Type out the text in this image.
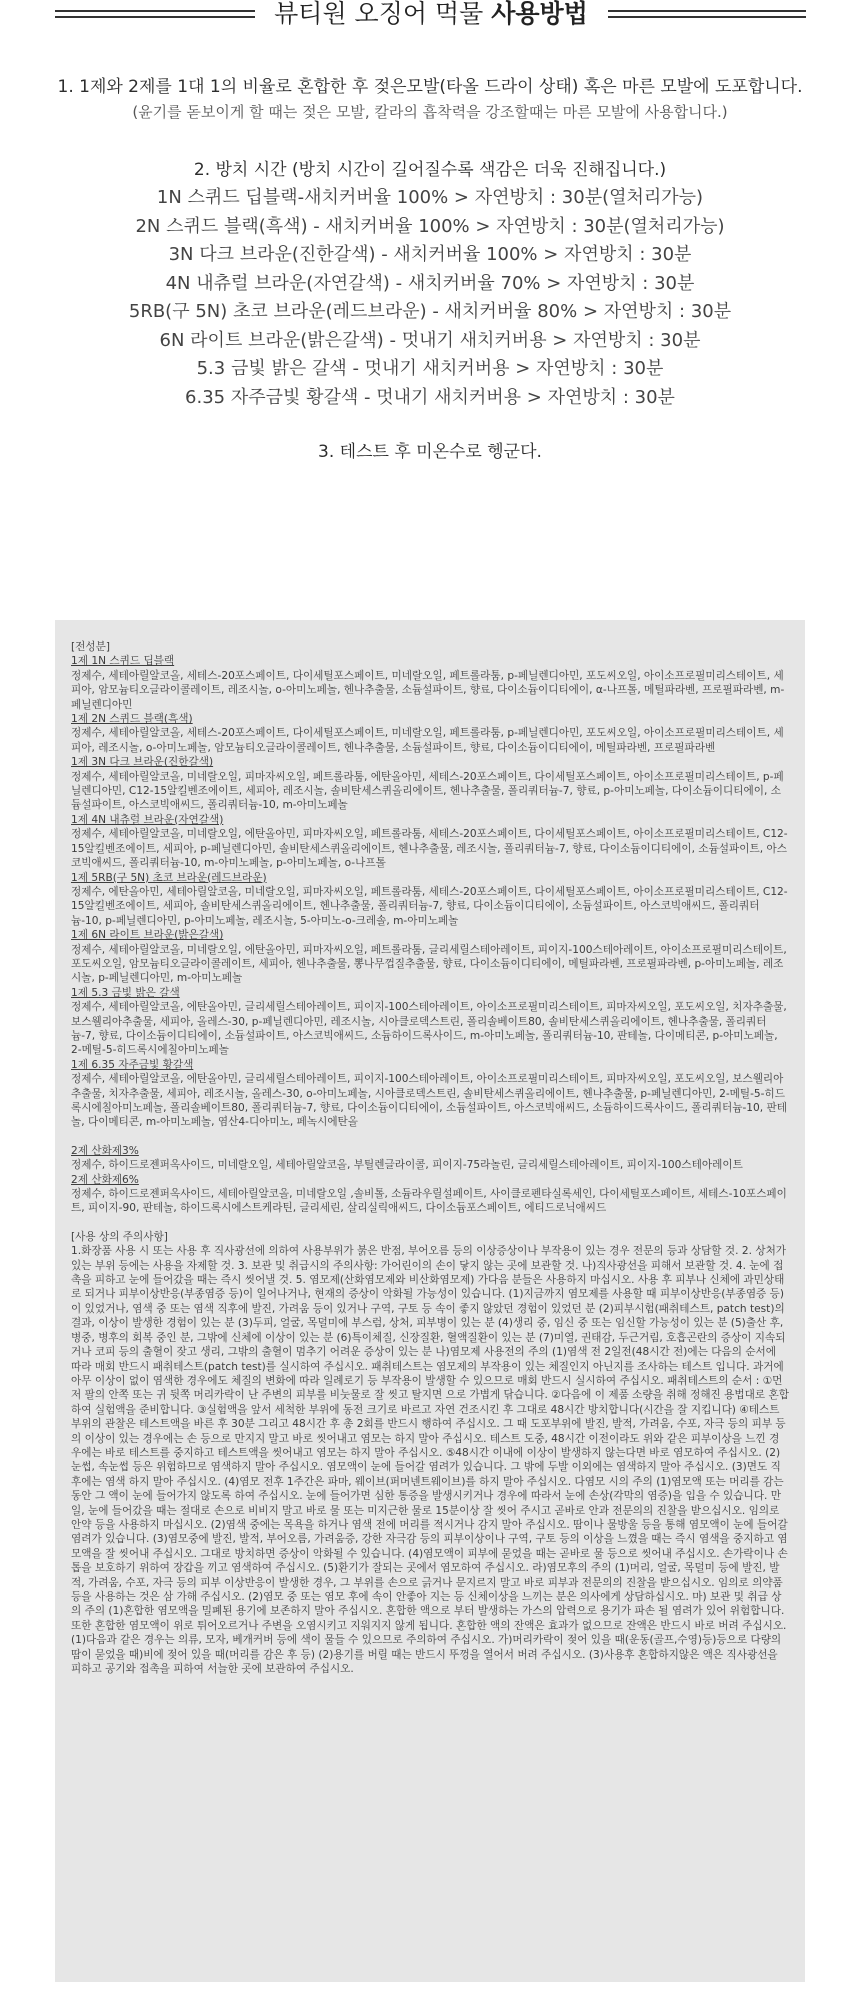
뷰티원 오징어 먹물 사용방법
1. 1제와 2제를 1대 1의 비율로 혼합한 후 젖은모발(타올 드라이 상태) 혹은 마른 모발에 도포합니다.
(윤기를 돋보이게 할 때는 젖은 모발, 칼라의 흡착력을 강조할때는 마른 모발에 사용합니다.)
2. 방치 시간 (방치 시간이 길어질수록 색감은 더욱 진해집니다.)
1N 스퀴드 딥블랙-새치커버율 100% > 자연방치 : 30분(열처리가능)
2N 스퀴드 블랙(흑색) - 새치커버율 100% > 자연방치 : 30분(열처리가능)
3N 다크 브라운(진한갈색) - 새치커버율 100% > 자연방치 : 30분
4N 내츄럴 브라운(자연갈색) - 새치커버율 70% > 자연방치 : 30분
5RB(구 5N) 초코 브라운(레드브라운) - 새치커버율 80% > 자연방치 : 30분
6N 라이트 브라운(밝은갈색) - 멋내기 새치커버용 > 자연방치 : 30분
5.3 금빛 밝은 갈색 - 멋내기 새치커버용 > 자연방치 : 30분
6.35 자주금빛 황갈색 - 멋내기 새치커버용 > 자연방치 : 30분
3. 테스트 후 미온수로 헹군다.

[전성분]

1제 1N 스퀴드 딥블랙

정제수, 세테아릴알코올, 세테스-20포스페이트, 다이세틸포스페이트, 미네랄오일, 페트롤라툼, p-페닐렌디아민, 포도씨오일, 아이소프로필미리스테이트, 세피아, 암모늄티오글라이콜레이트, 레조시놀, o-아미노페놀, 헨나추출물, 소듐설파이트, 향료, 다이소듐이디티에이, α-나프톨, 메틸파라벤, 프로필파라벤, m-페닐렌디아민

1제 2N 스퀴드 블랙(흑색)

정제수, 세테아릴알코올, 세테스-20포스페이트, 다이세틸포스페이트, 미네랄오일, 페트롤라툼, p-페닐렌디아민, 포도씨오일, 아이소프로필미리스테이트, 세피아, 레조시놀, o-아미노페놀, 암모늄티오글라이콜레이트, 헨나추출물, 소듐설파이트, 향료, 다이소듐이디티에이, 메틸파라벤, 프로필파라벤

1제 3N 다크 브라운(진한갈색)

정제수, 세테아릴알코올, 미네랄오일, 피마자씨오일, 페트롤라툼, 에탄올아민, 세테스-20포스페이트, 다이세틸포스페이트, 아이소프로필미리스테이트, p-페닐렌디아민, C12-15알킬벤조에이트, 세피아, 레조시놀, 솔비탄세스퀴올리에이트, 헨나추출물, 폴리쿼터늄-7, 향료, p-아미노페놀, 다이소듐이디티에이, 소듐설파이트, 아스코빅애씨드, 폴리쿼터늄-10, m-아미노페놀

1제 4N 내츄럴 브라운(자연갈색)

정제수, 세테아릴알코올, 미네랄오일, 에탄올아민, 피마자씨오일, 페트롤라툼, 세테스-20포스페이트, 다이세틸포스페이트, 아이소프로필미리스테이트, C12-15알킬벤조에이트, 세피아, p-페닐렌디아민, 솔비탄세스퀴올리에이트, 헨나추출물, 레조시놀, 폴리쿼터늄-7, 향료, 다이소듐이디티에이, 소듐설파이트, 아스코빅애씨드, 폴리쿼터늄-10, m-아미노페놀, p-아미노페놀, o-나프톨

1제 5RB(구 5N) 초코 브라운(레드브라운)

정제수, 에탄올아민, 세테아릴알코올, 미네랄오일, 피마자씨오일, 페트롤라툼, 세테스-20포스페이트, 다이세틸포스페이트, 아이소프로필미리스테이트, C12-15알킬벤조에이트, 세피아, 솔비탄세스퀴올리에이트, 헨나추출물, 폴리쿼터늄-7, 향료, 다이소듐이디티에이, 소듐설파이트, 아스코빅애씨드, 폴리쿼터늄-10, p-페닐렌디아민, p-아미노페놀, 레조시놀, 5-아미노-o-크레솔, m-아미노페놀

1제 6N 라이트 브라운(밝은갈색)

정제수, 세테아릴알코올, 미네랄오일, 에탄올아민, 피마자씨오일, 페트롤라툼, 글리세릴스테아레이트, 피이지-100스테아레이트, 아이소프로필미리스테이트, 포도씨오일, 암모늄티오글라이콜레이트, 세피아, 헨나추출물, 뽕나무껍질추출물, 향료, 다이소듐이디티에이, 메틸파라벤, 프로필파라벤, p-아미노페놀, 레조시놀, p-페닐렌디아민, m-아미노페놀

1제 5.3 금빛 밝은 갈색

정제수, 세테아릴알코올, 에탄올아민, 글리세릴스테아레이트, 피이지-100스테아레이트, 아이소프로필미리스테이트, 피마자씨오일, 포도씨오일, 치자추출물, 보스웰리아추출물, 세피아, 올레스-30, p-페닐렌디아민, 레조시놀, 시아클로덱스트린, 폴리솔베이트80, 솔비탄세스퀴올리에이트, 헨나추출물, 폴리쿼터늄-7, 향료, 다이소듐이디티에이, 소듐설파이트, 아스코빅애씨드, 소듐하이드록사이드, m-아미노페놀, 폴리쿼터늄-10, 판테놀, 다이메티콘, p-아미노페놀, 2-메틸-5-히드록시에칠아미노페놀

1제 6.35 자주금빛 황갈색

정제수, 세테아릴알코올, 에탄올아민, 글리세릴스테아레이트, 피이지-100스테아레이트, 아이소프로필미리스테이트, 피마자씨오일, 포도씨오일, 보스웰리아추출물, 치자추출물, 세피아, 레조시놀, 올레스-30, o-아미노페놀, 시아클로덱스트린, 솔비탄세스퀴올리에이트, 헨나추출물, p-페닐렌디아민, 2-메틸-5-히드록시에칠아미노페놀, 폴리솔베이트80, 폴리쿼터늄-7, 향료, 다이소듐이디티에이, 소듐설파이트, 아스코빅애씨드, 소듐하이드록사이드, 폴리쿼터늄-10, 판테놀, 다이메티콘, m-아미노페놀, 염산4-디아미노, 페녹시에탄올

2제 산화제3%

정제수, 하이드로젠퍼옥사이드, 미네랄오일, 세테아릴알코올, 부틸렌글라이콜, 피이지-75라놀린, 글리세릴스테아레이트, 피이지-100스테아레이트

2제 산화제6%

정제수, 하이드로젠퍼옥사이드, 세테아릴알코올, 미네랄오일 ,솔비톨, 소듐라우릴설페이트, 사이클로펜타실록세인, 다이세틸포스페이트, 세테스-10포스페이트, 피이지-90, 판테놀, 하이드록시에스트케라틴, 글리세린, 살리실릭애씨드, 다이소듐포스페이트, 에티드로닉애씨드

[사용 상의 주의사항]

1.화장품 사용 시 또는 사용 후 직사광선에 의하여 사용부위가 붉은 반점, 부어오름 등의 이상증상이나 부작용이 있는 경우 전문의 등과 상담할 것. 2. 상처가 있는 부위 등에는 사용을 자제할 것. 3. 보관 및 취급시의 주의사항: 가어린이의 손이 닿지 않는 곳에 보관할 것. 나)직사광선을 피해서 보관할 것. 4. 눈에 접촉을 피하고 눈에 들어갔을 때는 즉시 씻어낼 것. 5. 염모제(산화염모제와 비산화염모제) 가다음 분들은 사용하지 마십시오. 사용 후 피부나 신체에 과민상태로 되거나 피부이상반응(부종염증 등)이 일어나거나, 현재의 증상이 악화될 가능성이 있습니다. (1)지금까지 염모제를 사용할 때 피부이상반응(부종염증 등)이 있었거나, 염색 중 또는 염색 직후에 발진, 가려움 등이 있거나 구역, 구토 등 속이 좋지 않았던 경험이 있었던 분 (2)피부시험(패취테스트, patch test)의 결과, 이상이 발생한 경험이 있는 분 (3)두피, 얼굴, 목덜미에 부스럼, 상처, 피부병이 있는 분 (4)생리 중, 임신 중 또는 임신할 가능성이 있는 분 (5)출산 후, 병중, 병후의 회복 중인 분, 그밖에 신체에 이상이 있는 분 (6)특이체질, 신장질환, 혈액질환이 있는 분 (7)미열, 권태감, 두근거림, 호흡곤란의 증상이 지속되거나 코피 등의 출혈이 잦고 생리, 그밖의 출혈이 멈추기 어려운 증상이 있는 분 나)염모제 사용전의 주의 (1)염색 전 2일전(48시간 전)에는 다음의 순서에 따라 매회 반드시 패취테스트(patch test)를 실시하여 주십시오. 패취테스트는 염모제의 부작용이 있는 체질인지 아닌지를 조사하는 테스트 입니다. 과거에 아무 이상이 없이 염색한 경우에도 체질의 변화에 따라 일례로기 등 부작용이 발생할 수 있으므로 매회 반드시 실시하여 주십시오. 패취테스트의 순서 : ①먼저 팔의 안쪽 또는 귀 뒷쪽 머리카락이 난 주변의 피부를 비눗물로 잘 씻고 탈지면 으로 가볍게 닦습니다. ②다음에 이 제품 소량을 취해 정해진 용법대로 혼합하여 실험액을 준비합니다. ③실험액을 앞서 세척한 부위에 동전 크기로 바르고 자연 건조시킨 후 그대로 48시간 방치합니다(시간을 잘 지킵니다) ④테스트 부위의 관찰은 테스트액을 바른 후 30분 그리고 48시간 후 총 2회를 반드시 행하여 주십시오. 그 때 도포부위에 발진, 발적, 가려움, 수포, 자극 등의 피부 등의 이상이 있는 경우에는 손 등으로 만지지 말고 바로 씻어내고 염모는 하지 말아 주십시오. 테스트 도중, 48시간 이전이라도 위와 같은 피부이상을 느낀 경우에는 바로 테스트를 중지하고 테스트액을 씻어내고 염모는 하지 말아 주십시오. ⑤48시간 이내에 이상이 발생하지 않는다면 바로 염모하여 주십시오. (2)눈썹, 속눈썹 등은 위험하므로 염색하지 말아 주십시오. 염모액이 눈에 들어갈 염려가 있습니다. 그 밖에 두발 이외에는 염색하지 말아 주십시오. (3)면도 직후에는 염색 하지 말아 주십시오. (4)염모 전후 1주간은 파마, 웨이브(퍼머넨트웨이브)를 하지 말아 주십시오. 다염모 시의 주의 (1)염모액 또는 머리를 감는 동안 그 액이 눈에 들어가지 않도록 하여 주십시오. 눈에 들어가면 심한 통증을 발생시키거나 경우에 따라서 눈에 손상(각막의 염증)을 입을 수 있습니다. 만일, 눈에 들어갔을 때는 절대로 손으로 비비지 말고 바로 물 또는 미지근한 물로 15분이상 잘 씻어 주시고 곧바로 안과 전문의의 진찰을 받으십시오. 임의로 안약 등을 사용하지 마십시오. (2)염색 중에는 목욕을 하거나 염색 전에 머리를 적시거나 감지 말아 주십시오. 땀이나 물방울 등을 통해 염모액이 눈에 들어갈 염려가 있습니다. (3)염모중에 발진, 발적, 부어오름, 가려움증, 강한 자극감 등의 피부이상이나 구역, 구토 등의 이상을 느꼈을 때는 즉시 염색을 중지하고 염 모액을 잘 씻어내 주십시오. 그대로 방치하면 증상이 악화될 수 있습니다. (4)염모액이 피부에 묻었을 때는 곧바로 물 등으로 씻어내 주십시오. 손가락이나 손톱을 보호하기 위하여 장갑을 끼고 염색하여 주십시오. (5)환기가 잘되는 곳에서 염모하여 주십시오. 라)염모후의 주의 (1)머리, 얼굴, 목덜미 등에 발진, 발적, 가려움, 수포, 자극 등의 피부 이상반응이 발생한 경우, 그 부위를 손으로 긁거나 문지르지 말고 바로 피부과 전문의의 진찰을 받으십시오. 임의로 의약품 등을 사용하는 것은 삼 가해 주십시오. (2)염모 중 또는 염모 후에 속이 안좋아 지는 등 신체이상을 느끼는 분은 의사에게 상담하십시오. 마) 보관 및 취급 상의 주의 (1)혼합한 염모액을 밀폐된 용기에 보존하지 말아 주십시오. 혼합한 액으로 부터 발생하는 가스의 압력으로 용기가 파손 될 염려가 있어 위험합니다. 또한 혼합한 염모액이 위로 튀어오르거나 주변을 오염시키고 지워지지 않게 됩니다. 혼합한 액의 잔액은 효과가 없으므로 잔액은 반드시 바로 버려 주십시오. (1)다음과 같은 경우는 의류, 모자, 베개커버 등에 색이 물들 수 있으므로 주의하여 주십시오. 가)머리카락이 젖어 있을 때(운동(골프,수영)등)등으로 다량의 땀이 묻었을 때)비에 젖어 있을 때(머리를 감은 후 등) (2)용기를 버릴 때는 반드시 뚜껑을 열어서 버려 주십시오. (3)사용후 혼합하지않은 액은 직사광선을 피하고 공기와 접촉을 피하여 서늘한 곳에 보관하여 주십시오.
